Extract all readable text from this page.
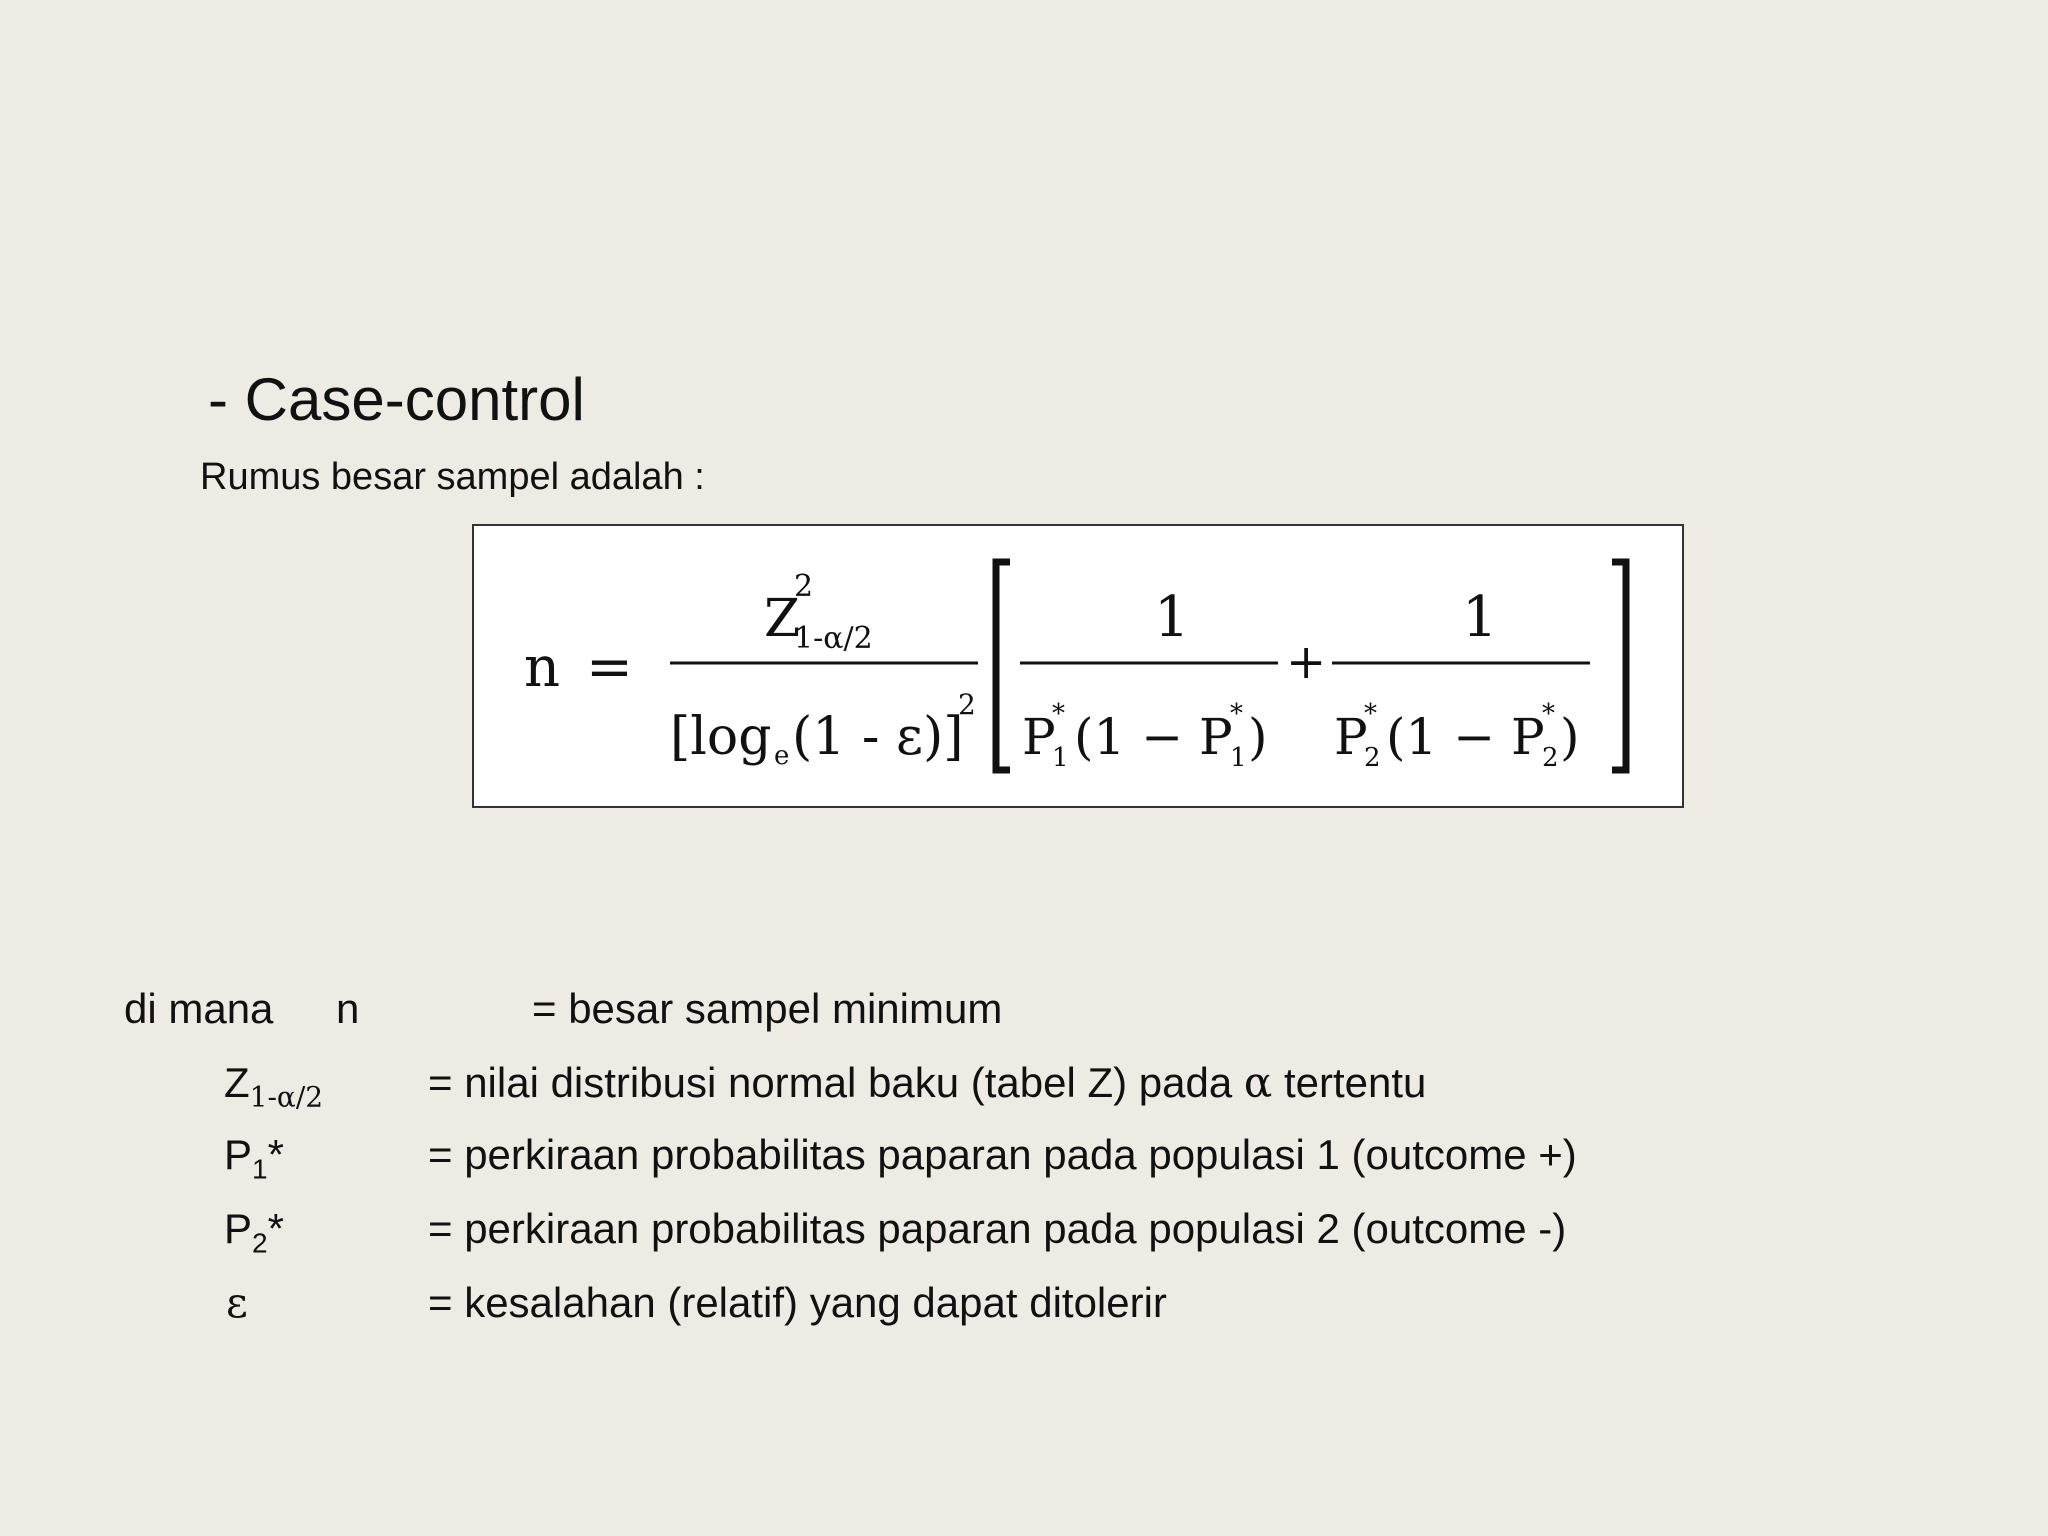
- Case-control
Rumus besar sampel adalah :
n =
Z
2
1-α/2
[log e (1 - ε)]
2
1
P
1
* (1 − P
1
* )
+
1
P
2
* (1 − P
2
* )
di mana n	= besar sampel minimum
$Z_{1-\alpha/2}$ = nilai distribusi normal baku (tabel Z) pada α tertentu
$P_1*$	= perkiraan probabilitas paparan pada populasi 1 (outcome +)
$P_2*$	= perkiraan probabilitas paparan pada populasi 2 (outcome -)
ε	= kesalahan (relatif) yang dapat ditolerir
